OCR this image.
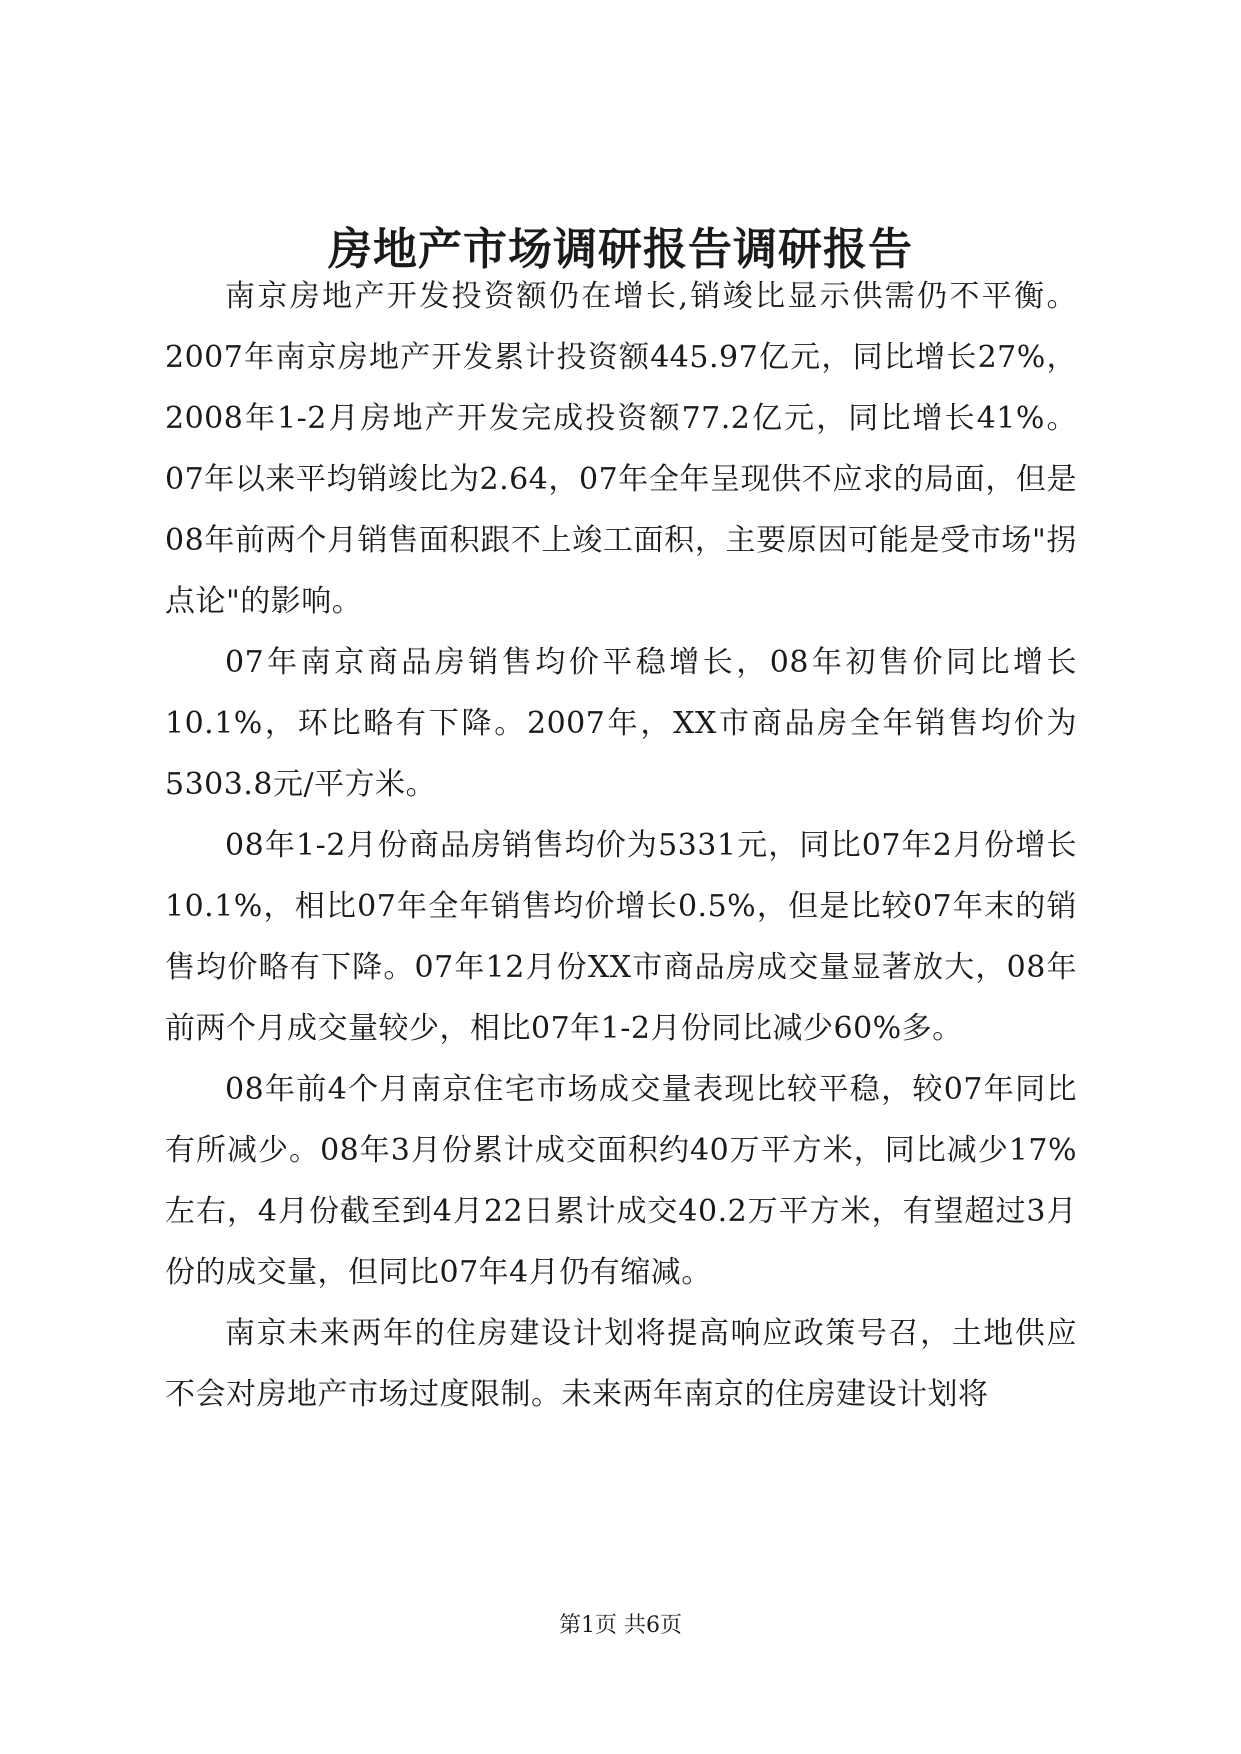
房地产市场调研报告调研报告

南京房地产开发投资额仍在增长,销竣比显示供需仍不平衡。2007年南京房地产开发累计投资额445.97亿元，同比增长27%，2008年1-2月房地产开发完成投资额77.2亿元，同比增长41%。07年以来平均销竣比为2.64，07年全年呈现供不应求的局面，但是08年前两个月销售面积跟不上竣工面积，主要原因可能是受市场"拐点论"的影响。

07年南京商品房销售均价平稳增长，08年初售价同比增长10.1%，环比略有下降。2007年，XX市商品房全年销售均价为5303.8元/平方米。

08年1-2月份商品房销售均价为5331元，同比07年2月份增长10.1%，相比07年全年销售均价增长0.5%，但是比较07年末的销售均价略有下降。07年12月份XX市商品房成交量显著放大，08年前两个月成交量较少，相比07年1-2月份同比减少60%多。

08年前4个月南京住宅市场成交量表现比较平稳，较07年同比有所减少。08年3月份累计成交面积约40万平方米，同比减少17%左右，4月份截至到4月22日累计成交40.2万平方米，有望超过3月份的成交量，但同比07年4月仍有缩减。

南京未来两年的住房建设计划将提高响应政策号召，土地供应不会对房地产市场过度限制。未来两年南京的住房建设计划将

第1页 共6页
